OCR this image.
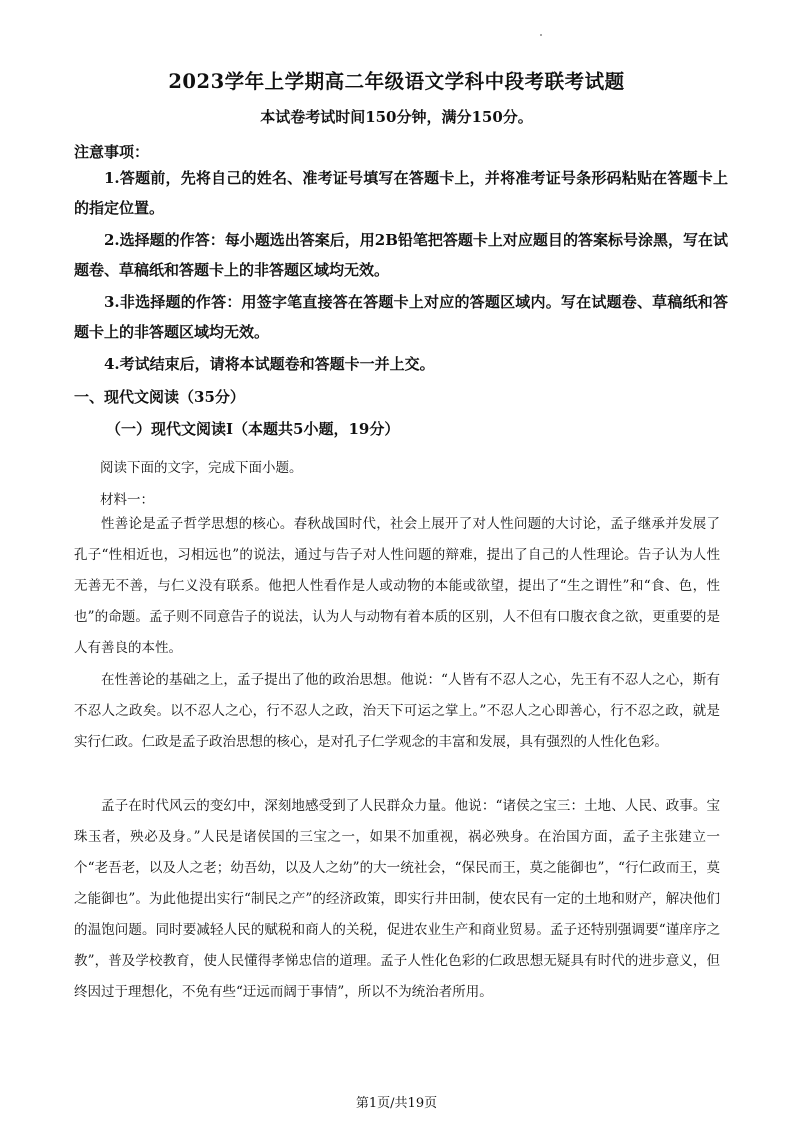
2023学年上学期高二年级语文学科中段考联考试题
本试卷考试时间150分钟，满分150分。
注意事项：
1.答题前，先将自己的姓名、准考证号填写在答题卡上，并将准考证号条形码粘贴在答题卡上的指定位置。
2.选择题的作答：每小题选出答案后，用2B铅笔把答题卡上对应题目的答案标号涂黑，写在试题卷、草稿纸和答题卡上的非答题区域均无效。
3.非选择题的作答：用签字笔直接答在答题卡上对应的答题区域内。写在试题卷、草稿纸和答题卡上的非答题区域均无效。
4.考试结束后，请将本试题卷和答题卡一并上交。
一、现代文阅读（35分）
（一）现代文阅读Ⅰ（本题共5小题，19分）
阅读下面的文字，完成下面小题。
材料一：
性善论是孟子哲学思想的核心。春秋战国时代，社会上展开了对人性问题的大讨论，孟子继承并发展了孔子“性相近也，习相远也”的说法，通过与告子对人性问题的辩难，提出了自己的人性理论。告子认为人性无善无不善，与仁义没有联系。他把人性看作是人或动物的本能或欲望，提出了“生之谓性”和“食、色，性也”的命题。孟子则不同意告子的说法，认为人与动物有着本质的区别，人不但有口腹衣食之欲，更重要的是人有善良的本性。
在性善论的基础之上，孟子提出了他的政治思想。他说：“人皆有不忍人之心，先王有不忍人之心，斯有不忍人之政矣。以不忍人之心，行不忍人之政，治天下可运之掌上。”不忍人之心即善心，行不忍之政，就是实行仁政。仁政是孟子政治思想的核心，是对孔子仁学观念的丰富和发展，具有强烈的人性化色彩。
孟子在时代风云的变幻中，深刻地感受到了人民群众力量。他说：“诸侯之宝三：土地、人民、政事。宝珠玉者，殃必及身。”人民是诸侯国的三宝之一，如果不加重视，祸必殃身。在治国方面，孟子主张建立一个“老吾老，以及人之老；幼吾幼，以及人之幼”的大一统社会，“保民而王，莫之能御也”，“行仁政而王，莫之能御也”。为此他提出实行“制民之产”的经济政策，即实行井田制，使农民有一定的土地和财产，解决他们的温饱问题。同时要减轻人民的赋税和商人的关税，促进农业生产和商业贸易。孟子还特别强调要“谨庠序之教”，普及学校教育，使人民懂得孝悌忠信的道理。孟子人性化色彩的仁政思想无疑具有时代的进步意义，但终因过于理想化，不免有些“迂远而阔于事情”，所以不为统治者所用。
第1页/共19页
